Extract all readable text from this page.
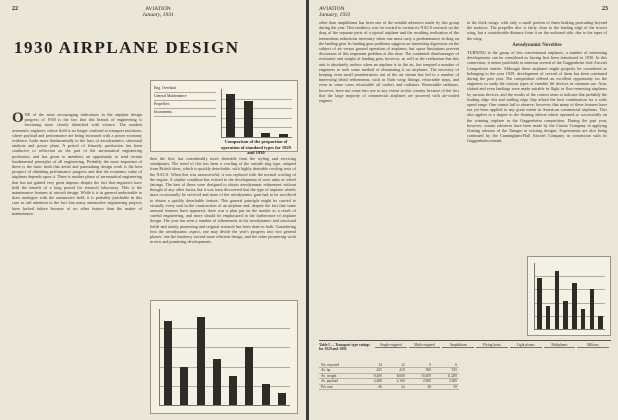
22	AVIATION
January, 1931
1930 AIRPLANE DESIGN
ONE of the most encouraging indications in the airplane design progress of 1930 is the fact that this branch of engineering is becoming more closely identified with science. The modern aeronautic engineer, whose field is no longer confined to transport machines, where payload and performance are being increased with a power economy evidence, looks more fundamentally to the laws of aerodynamics, structural analysis and power plant. A period of leisurely production has been conducive to reflection on the part of the aeronautical engineering profession, and has given to members an opportunity to read certain fundamental principles of all engineering. Probably the most important of these is the basic truth that aerial and painstaking design work is the best prospect of obtaining performance progress and that the economic value of airplanes depends upon it. There is another phase of aeronautical engineering that has not gained very great impetus despite the fact that engineers have held the benefit of a long period for research laboratory. This is the maintenance features of aircraft design. While it is in general undesirable to draw analogies with the automotive field, it is probably justifiable in this case to call attention to the fact that many automotive engineering projects have lacked failure because of no other feature than the matter of maintenance.
Eng. Overhaul
General Maintenance
Propellers
Instruments
Comparison of the proportion of operation of standard types for 1929 and 1930
then the first, but considerably more desirable from the styling and servicing standpoints. The trend of this has been a cowling of the outside ring type, adapted from British ideas, which is quickly detachable, with highly desirable cowling tests of the NACA. When this was unsuccessful, it was replaced with the normal cowling of the engine. A similar condition has existed in the development of such units as wheel fairings. The best of these were designed to obtain aerodynamic refinement without thought of any other factor, but it was soon discovered that the type of airplane wheels must occasionally be serviced and none of the aerodynamic gain had to be sacrificed to obtain a quickly detachable feature. This general principle might be carried to virtually every unit in the construction of an airplane and, despite the fact that some unusual features have appeared, there was a plan put on the market as a result of careful engineering, and more should be emphasized in the furtherance of airplane design. The year has seen a number of refinements in the aerodynamic and structural fields and steady pioneering and original research has been done in both. Considering first the aerodynamic aspect, one may divide the year's progress into two general phases: one the tendency toward more efficient design, and the other pioneering work in new and promising developments.
AVIATION
January, 1931
23
other than amphibians has been one of the notable advances made by this group during the year. This tendency was far toward to certain its NACA research on the drag of the separate parts of a typical airplane and the resulting realization of the tremendous reductions necessary when one must carry a predominance in drag on the landing gear. In landing gear problems suggests an interesting digression on the subject of air versus ground operation of airplanes, but space limitations prevent discussion of this important problem at this time. The combined disadvantages of resistance and weight of landing gear, however, as well as the realization that this unit is absolutely useless when an airplane is in the air, has tempted a number of engineers to seek some method of eliminating it on airplanes. The necessity of keeping even small protuberances out of the air stream has led to a number of interesting detail refinements, such as flush wing fittings, retractable steps, and even in some cases retractable oil coolers and radiators. Retractable radiators, however, have not come into use to any extent in this country because of the fact that the large majority of commercial airplanes are powered with air-cooled engines.
in the thick wings, with only a small portion of them braking protruding beyond the surfaces. The propeller disc is fairly close to the leading edge of the lowest wing, but a considerable distance from it on the outboard side, due to the taper of the wing.
Aerodynamic Novelties
TURNING to the group of less conventional airplanes, a number of interesting developments can be considered as having first been introduced in 1930. In this connection, it seems justifiable to mention several of the Guggenheim Safe Aircraft Competition entries. Although these airplanes might properly be considered as belonging to the year 1929, development of several of them has been continued during the past year. The competition offered an excellent opportunity for the engineers to study the various types of variable lift devices in common use. Arm, slotted and even landings were made suitable in flight or flaw-removing airplanes by various devices, and the results of the contest seem to indicate that probably the leading edge slot and trailing edge flap afford the best combination for a wide speed range. One cannot fail to observe, however, that many of these features have not yet been applied to any great extent in American commercial airplanes. This also applies to a degree to the floating aileron which operated so successfully on the winning airplane in the Guggenheim competition. During the past year, however, certain advances have been made by the Curtiss Company in applying floating ailerons of the Tanager to existing designs. Experiments are also being continued by the Cunningham-Hall Aircraft Company in connection with its Guggenheim entrant.
Table I — Transport type ratings for 1929 and 1930
Single-engined	Multi-engined	Amphibians	Flying boats	Light planes	Mailplanes	Military
No. reported	14	12	9	6
Av. hp.	425	410	500	525
Av. weight	9,200	8,600	10,400	11,200
Av. payload	2,400	2,100	2,900	3,300
Per cent	26	24	28	29
